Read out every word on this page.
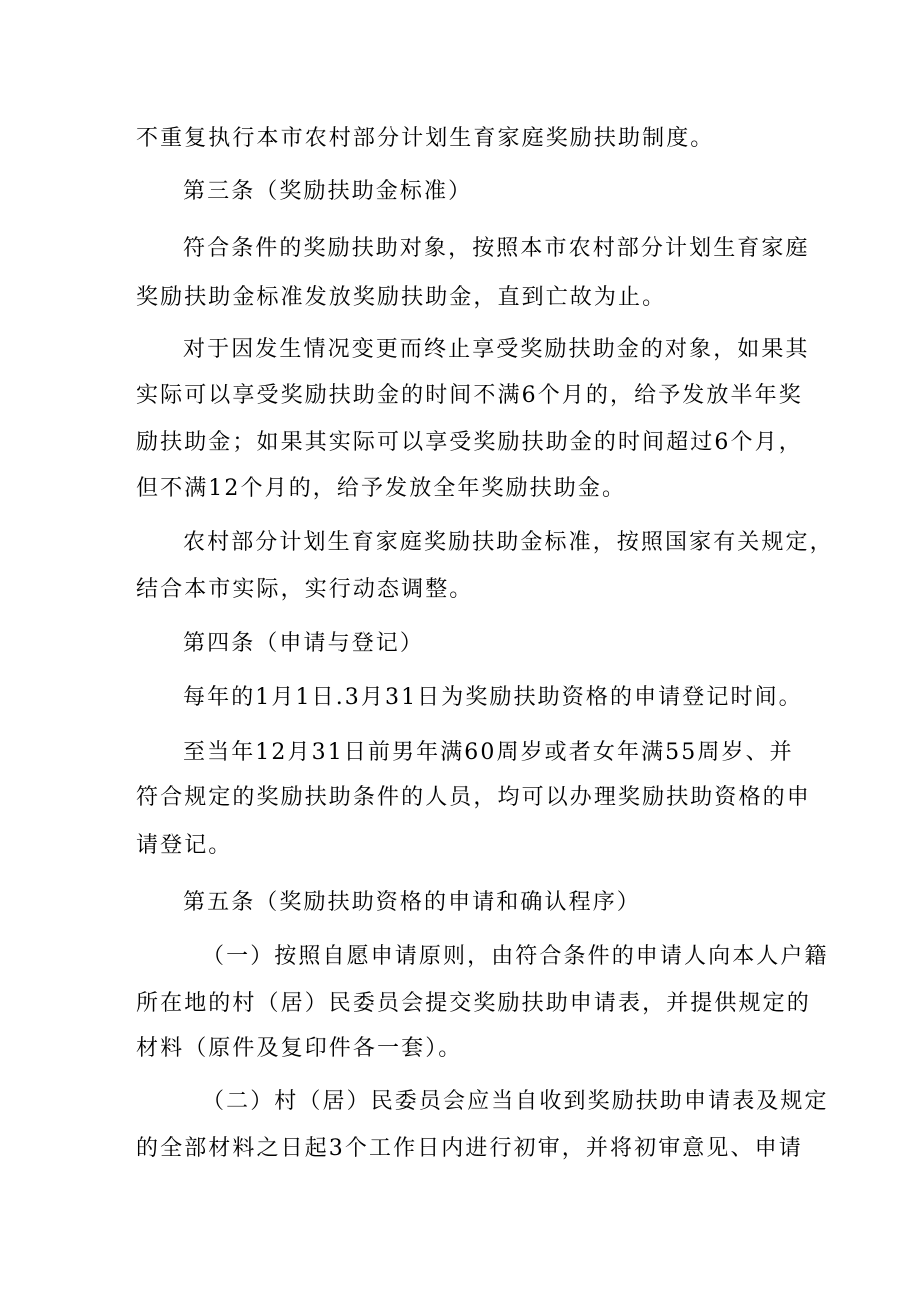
不重复执行本市农村部分计划生育家庭奖励扶助制度。
第三条（奖励扶助金标准）
符合条件的奖励扶助对象，按照本市农村部分计划生育家庭
奖励扶助金标准发放奖励扶助金，直到亡故为止。
对于因发生情况变更而终止享受奖励扶助金的对象，如果其
实际可以享受奖励扶助金的时间不满6个月的，给予发放半年奖
励扶助金；如果其实际可以享受奖励扶助金的时间超过6个月，
但不满12个月的，给予发放全年奖励扶助金。
农村部分计划生育家庭奖励扶助金标准，按照国家有关规定，
结合本市实际，实行动态调整。
第四条（申请与登记）
每年的1月1日.3月31日为奖励扶助资格的申请登记时间。
至当年12月31日前男年满60周岁或者女年满55周岁、并
符合规定的奖励扶助条件的人员，均可以办理奖励扶助资格的申
请登记。
第五条（奖励扶助资格的申请和确认程序）
（一）按照自愿申请原则，由符合条件的申请人向本人户籍
所在地的村（居）民委员会提交奖励扶助申请表，并提供规定的
材料（原件及复印件各一套）。
（二）村（居）民委员会应当自收到奖励扶助申请表及规定
的全部材料之日起3个工作日内进行初审，并将初审意见、申请
